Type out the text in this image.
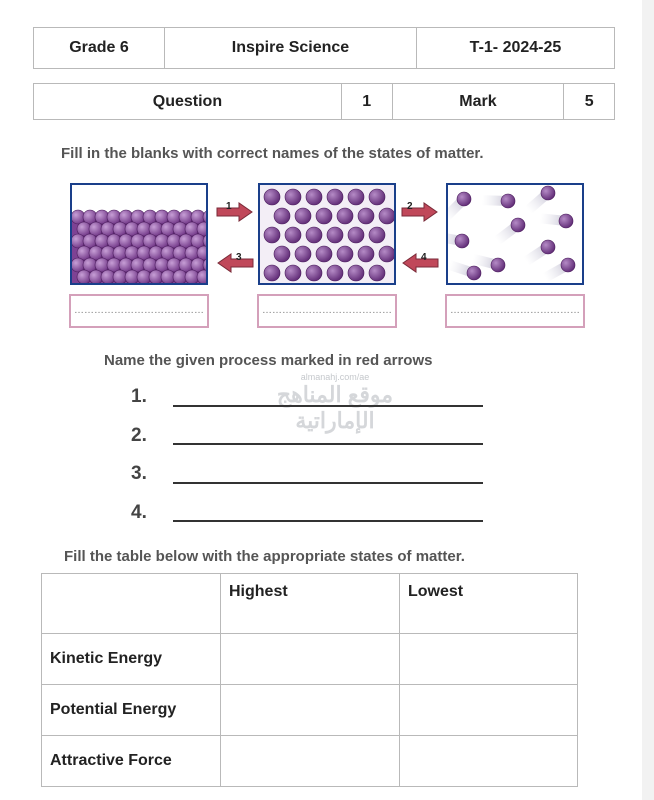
Grade 6	Inspire Science	T-1- 2024-25
Question	1	Mark	5
Fill in the blanks with correct names of the states of matter.
1
3
2
4
…………………………………	…………………………………	…………………………………
Name the given process marked in red arrows
almanahj.com/ae
موقع المناهج الإماراتية
1.
2.
3.
4.
Fill the table below with the appropriate states of matter.
	Highest	Lowest
Kinetic Energy		
Potential Energy		
Attractive Force		
